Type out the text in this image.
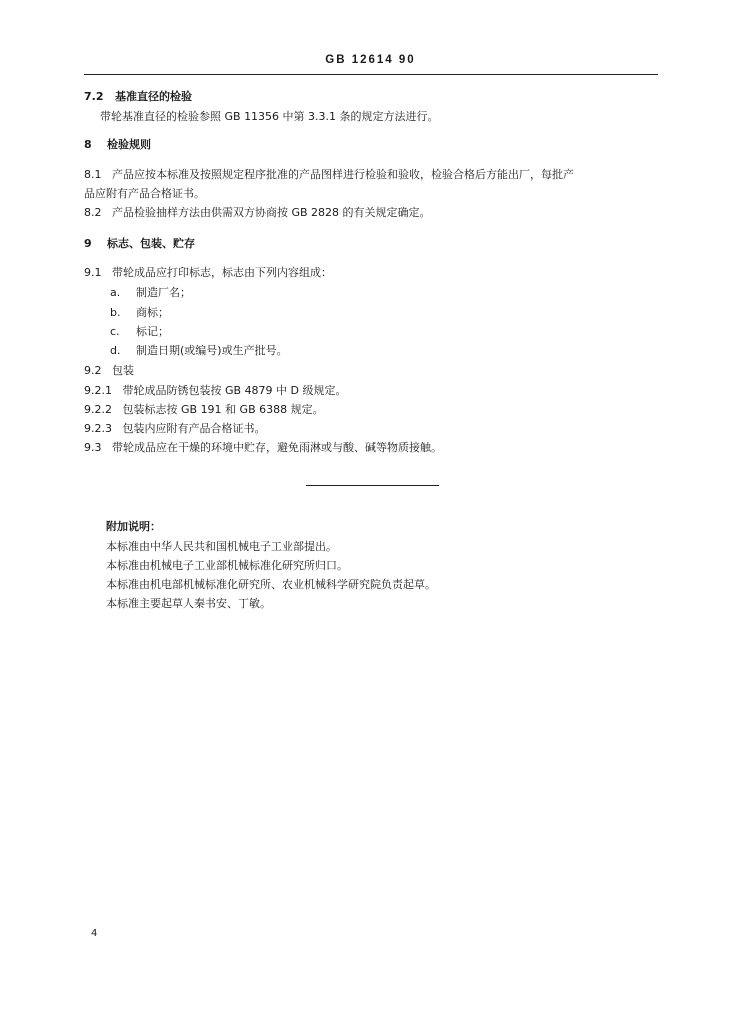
GB 12614 90
7.2 基准直径的检验
带轮基准直径的检验参照 GB 11356 中第 3.3.1 条的规定方法进行。
8 检验规则
8.1 产品应按本标准及按照规定程序批准的产品图样进行检验和验收，检验合格后方能出厂，每批产
品应附有产品合格证书。
8.2 产品检验抽样方法由供需双方协商按 GB 2828 的有关规定确定。
9 标志、包装、贮存
9.1 带轮成品应打印标志，标志由下列内容组成：
a. 制造厂名；
b. 商标；
c. 标记；
d. 制造日期(或编号)或生产批号。
9.2 包装
9.2.1 带轮成品防锈包装按 GB 4879 中 D 级规定。
9.2.2 包装标志按 GB 191 和 GB 6388 规定。
9.2.3 包装内应附有产品合格证书。
9.3 带轮成品应在干燥的环境中贮存，避免雨淋或与酸、碱等物质接触。
附加说明：
本标准由中华人民共和国机械电子工业部提出。
本标准由机械电子工业部机械标准化研究所归口。
本标准由机电部机械标准化研究所、农业机械科学研究院负责起草。
本标准主要起草人秦书安、丁敏。
4
